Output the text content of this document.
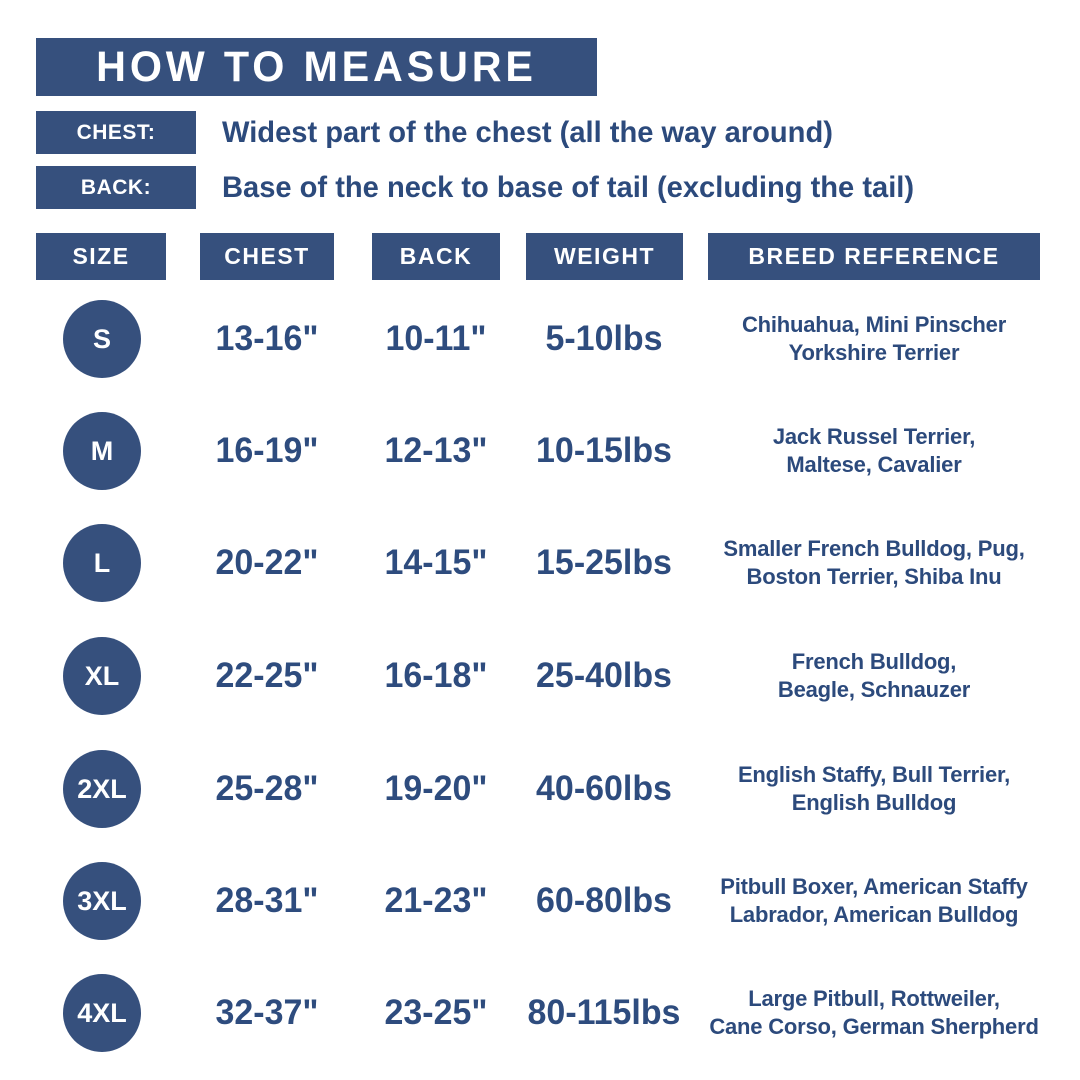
HOW TO MEASURE
CHEST:	Widest part of the chest (all the way around)
BACK:	Base of the neck to base of tail (excluding the tail)
SIZE	CHEST	BACK	WEIGHT	BREED REFERENCE
S	13-16"	10-11"	5-10lbs	Chihuahua, Mini Pinscher
Yorkshire Terrier
M	16-19"	12-13"	10-15lbs	Jack Russel Terrier,
Maltese, Cavalier
L	20-22"	14-15"	15-25lbs	Smaller French Bulldog, Pug,
Boston Terrier, Shiba Inu
XL	22-25"	16-18"	25-40lbs	French Bulldog,
Beagle, Schnauzer
2XL	25-28"	19-20"	40-60lbs	English Staffy, Bull Terrier,
English Bulldog
3XL	28-31"	21-23"	60-80lbs	Pitbull Boxer, American Staffy
Labrador, American Bulldog
4XL	32-37"	23-25"	80-115lbs	Large Pitbull, Rottweiler,
Cane Corso, German Sherpherd
